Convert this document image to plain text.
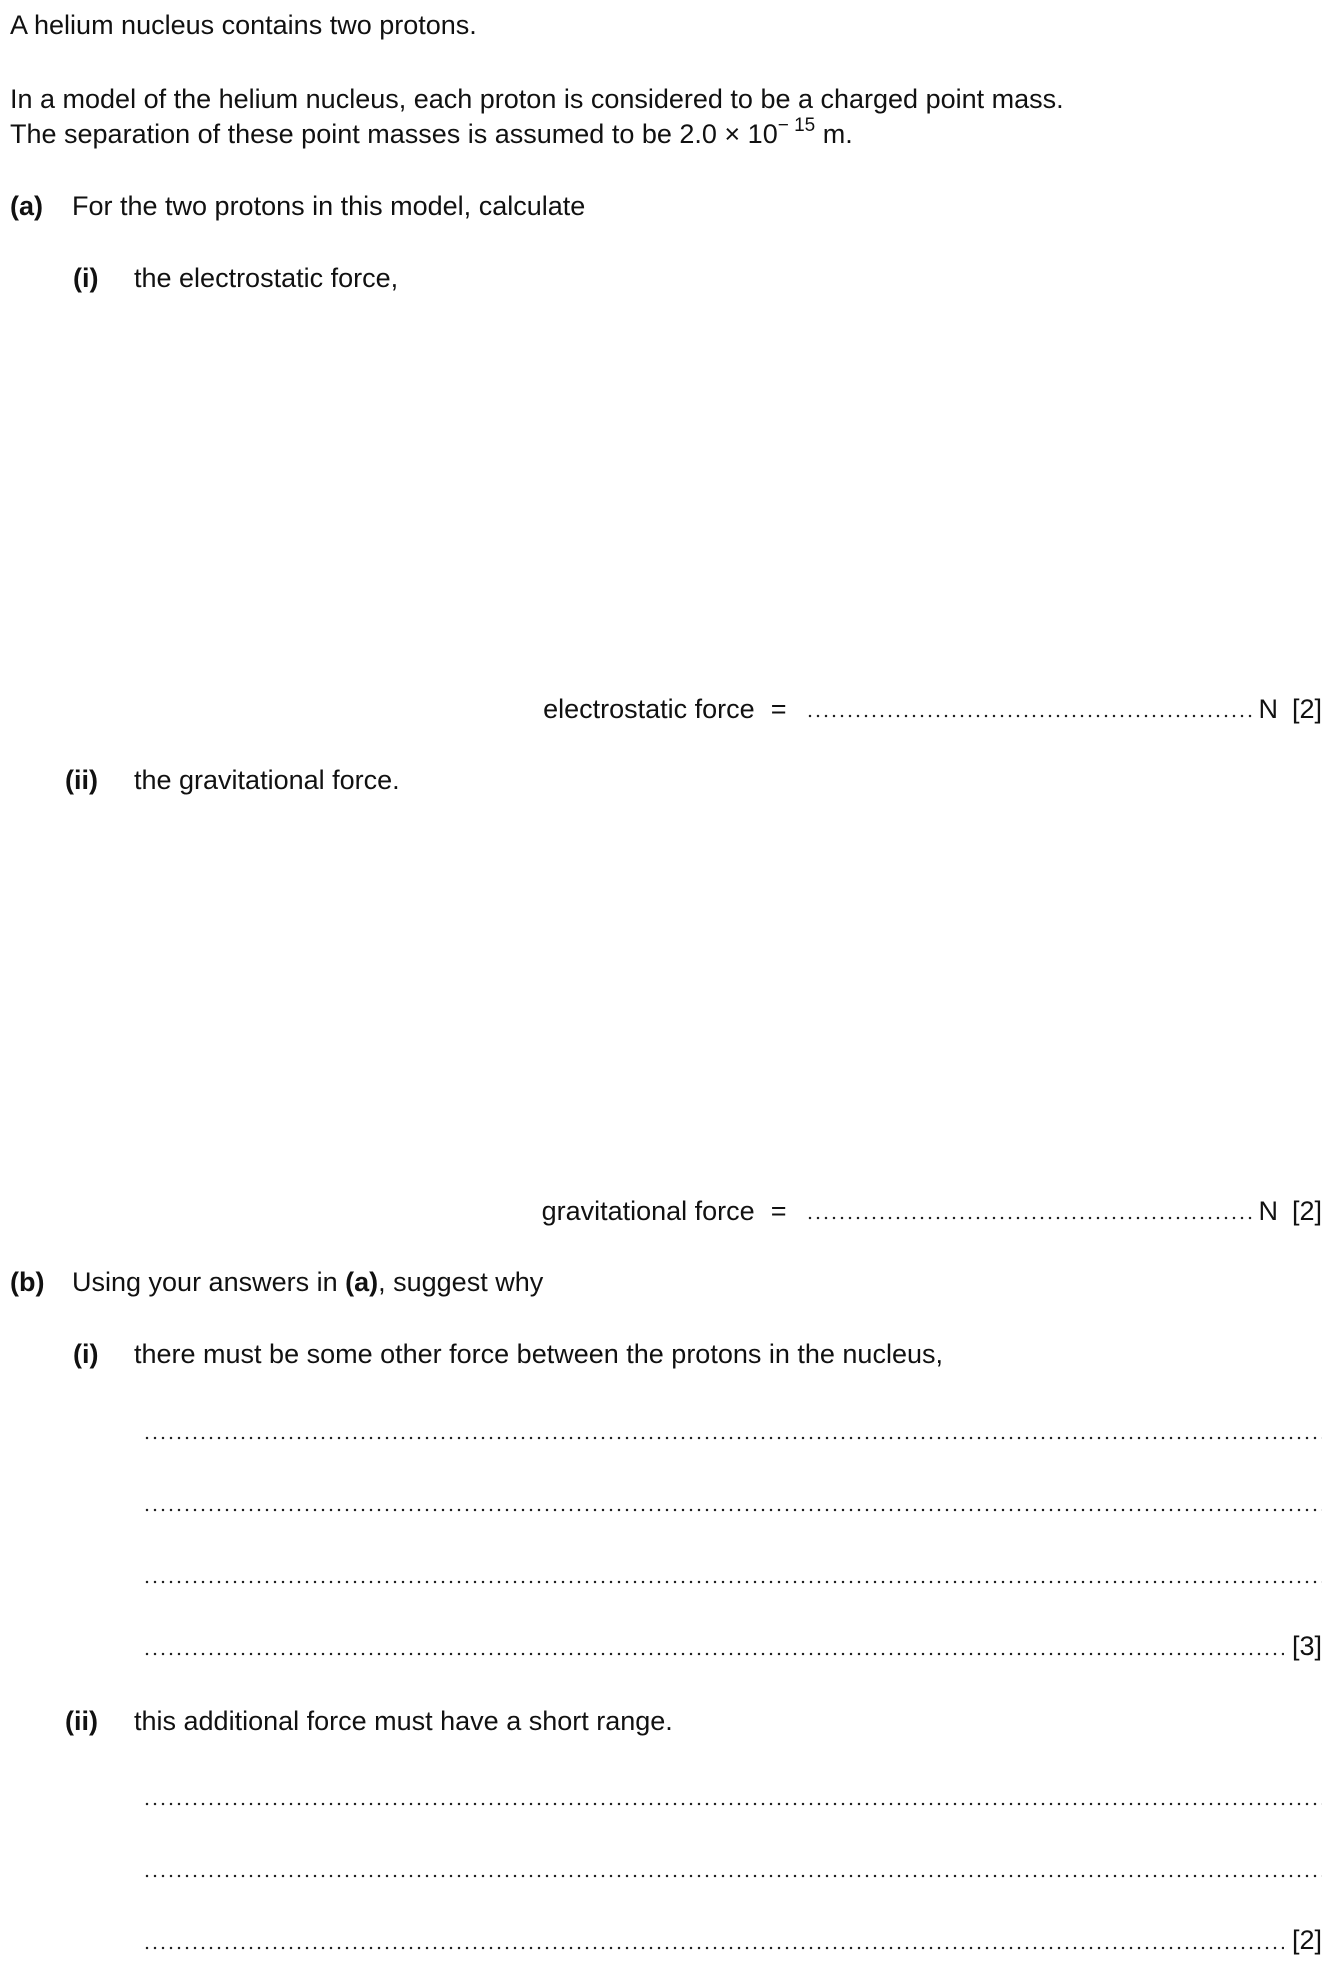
A helium nucleus contains two protons.
In a model of the helium nucleus, each proton is considered to be a charged point mass.
The separation of these point masses is assumed to be $2.0 \times 10^{- 15}$ m.
(a) For the two protons in this model, calculate
(i) the electrostatic force,
electrostatic force =	N [2]
(ii) the gravitational force.
gravitational force =	N [2]
(b) Using your answers in (a), suggest why
(i) there must be some other force between the protons in the nucleus,
[3]
(ii) this additional force must have a short range.
[2]
